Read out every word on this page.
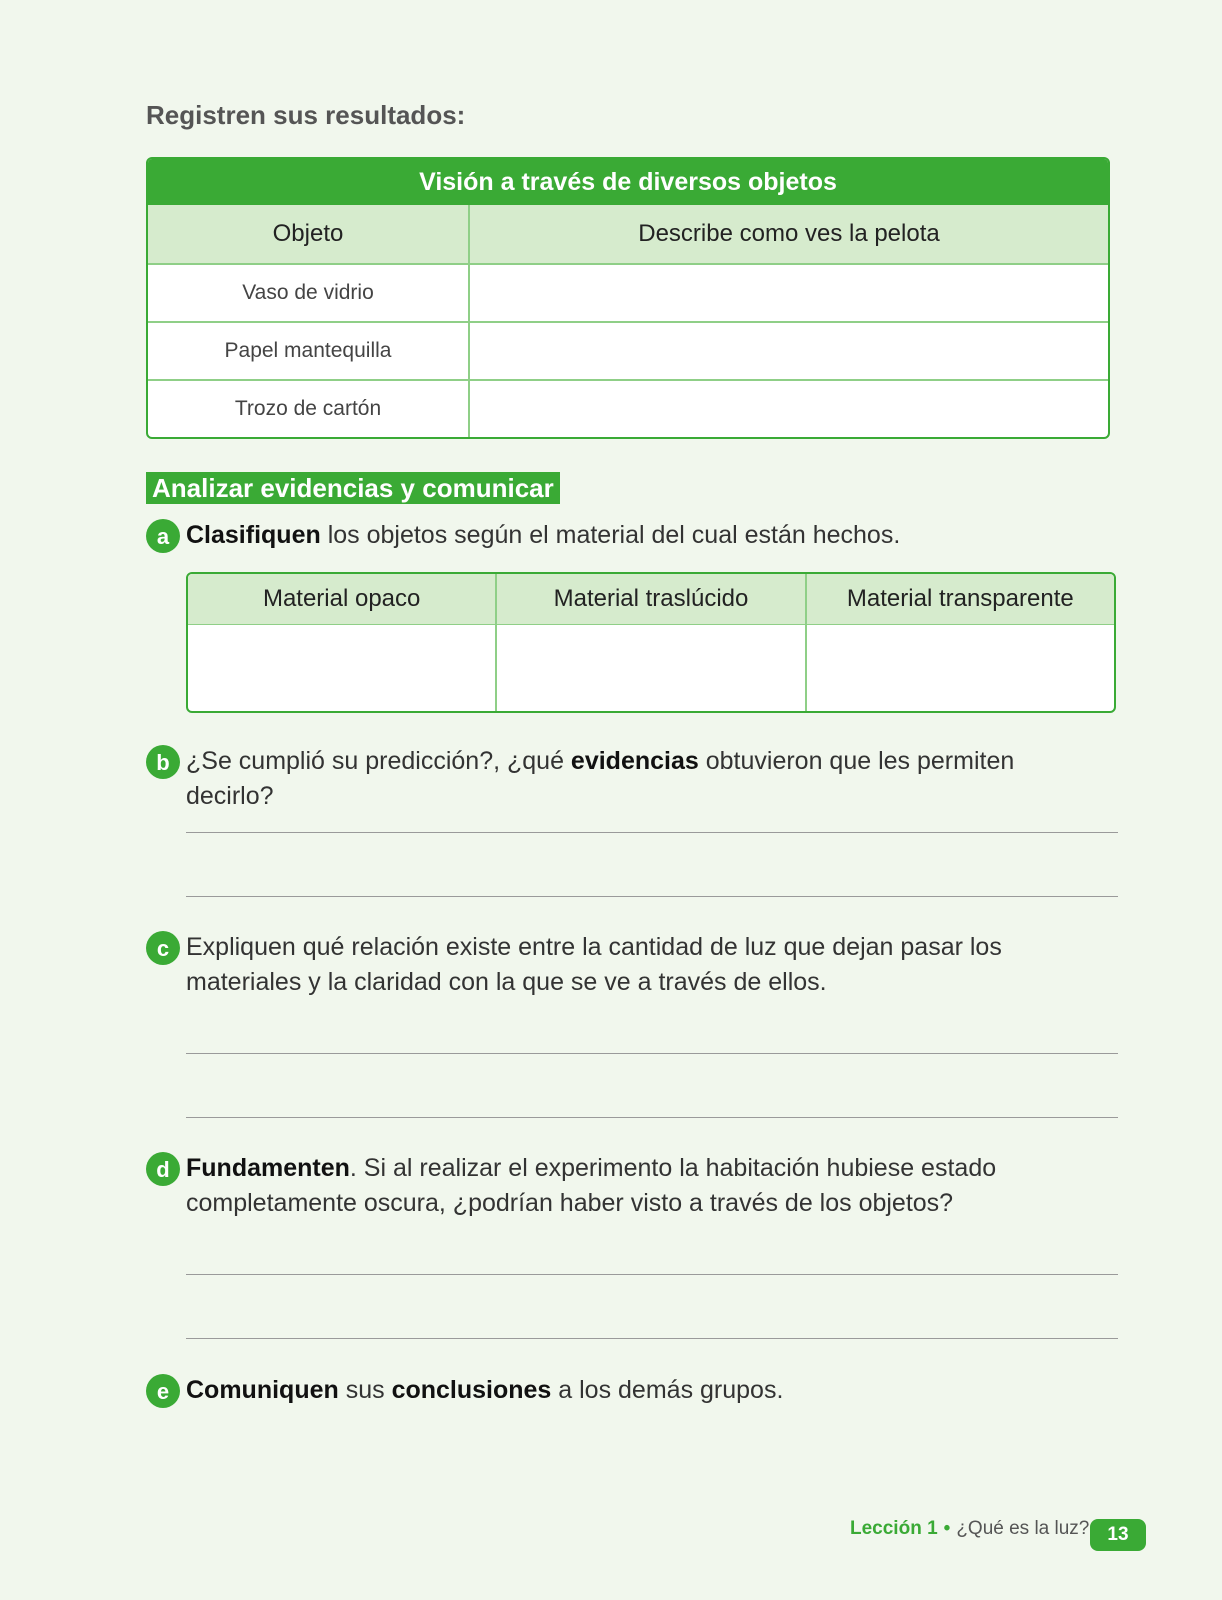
Registren sus resultados:
Visión a través de diversos objetos
Objeto	Describe como ves la pelota
Vaso de vidrio
Papel mantequilla
Trozo de cartón
Analizar evidencias y comunicar
a Clasifiquen los objetos según el material del cual están hechos.
Material opaco	Material traslúcido	Material transparente
b ¿Se cumplió su predicción?, ¿qué evidencias obtuvieron que les permiten decirlo?
c Expliquen qué relación existe entre la cantidad de luz que dejan pasar los materiales y la claridad con la que se ve a través de ellos.
d Fundamenten. Si al realizar el experimento la habitación hubiese estado completamente oscura, ¿podrían haber visto a través de los objetos?
e Comuniquen sus conclusiones a los demás grupos.
Lección 1 • ¿Qué es la luz? 13
